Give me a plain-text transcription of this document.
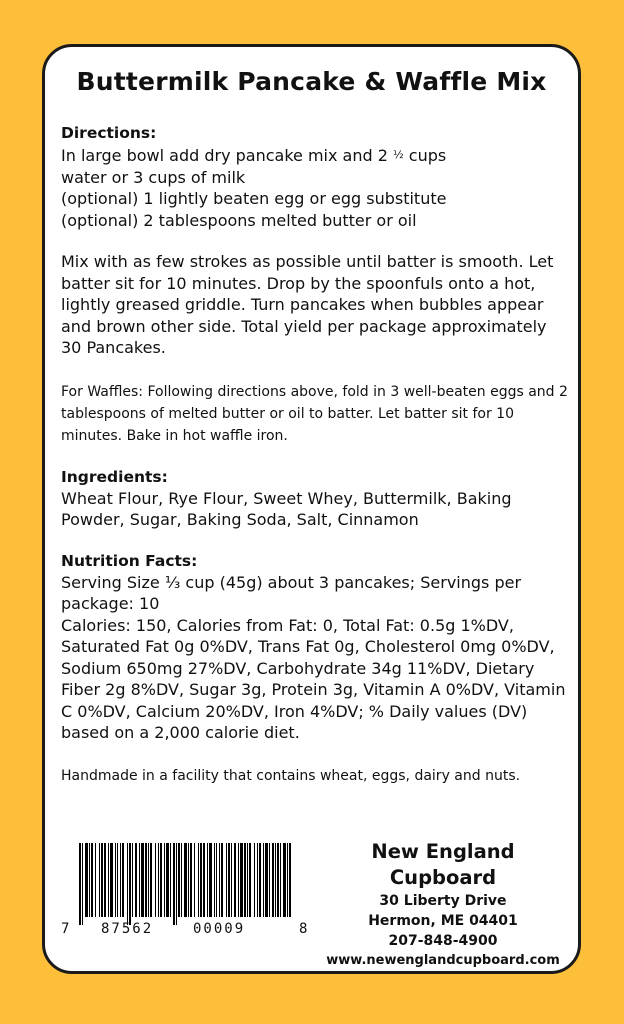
Buttermilk Pancake & Waffle Mix
Directions:

In large bowl add dry pancake mix and 2 ½ cups

water or 3 cups of milk

(optional) 1 lightly beaten egg or egg substitute

(optional) 2 tablespoons melted butter or oil

Mix with as few strokes as possible until batter is smooth. Let batter sit for 10 minutes. Drop by the spoonfuls onto a hot, lightly greased griddle. Turn pancakes when bubbles appear and brown other side. Total yield per package approximately 30 Pancakes.

For Waffles: Following directions above, fold in 3 well-beaten eggs and 2 tablespoons of melted butter or oil to batter. Let batter sit for 10 minutes. Bake in hot waffle iron.

Ingredients:

Wheat Flour, Rye Flour, Sweet Whey, Buttermilk, Baking Powder, Sugar, Baking Soda, Salt, Cinnamon

Nutrition Facts:

Serving Size ¹⁄₃ cup (45g) about 3 pancakes; Servings per package: 10

Calories: 150, Calories from Fat: 0, Total Fat: 0.5g 1%DV, Saturated Fat 0g 0%DV, Trans Fat 0g, Cholesterol 0mg 0%DV, Sodium 650mg 27%DV, Carbohydrate 34g 11%DV, Dietary Fiber 2g 8%DV, Sugar 3g, Protein 3g, Vitamin A 0%DV, Vitamin C 0%DV, Calcium 20%DV, Iron 4%DV; % Daily values (DV) based on a 2,000 calorie diet.

Handmade in a facility that contains wheat, eggs, dairy and nuts.

7 87562	00009	8
New England Cupboard
30 Liberty Drive
Hermon, ME 04401
207-848-4900
www.newenglandcupboard.com
